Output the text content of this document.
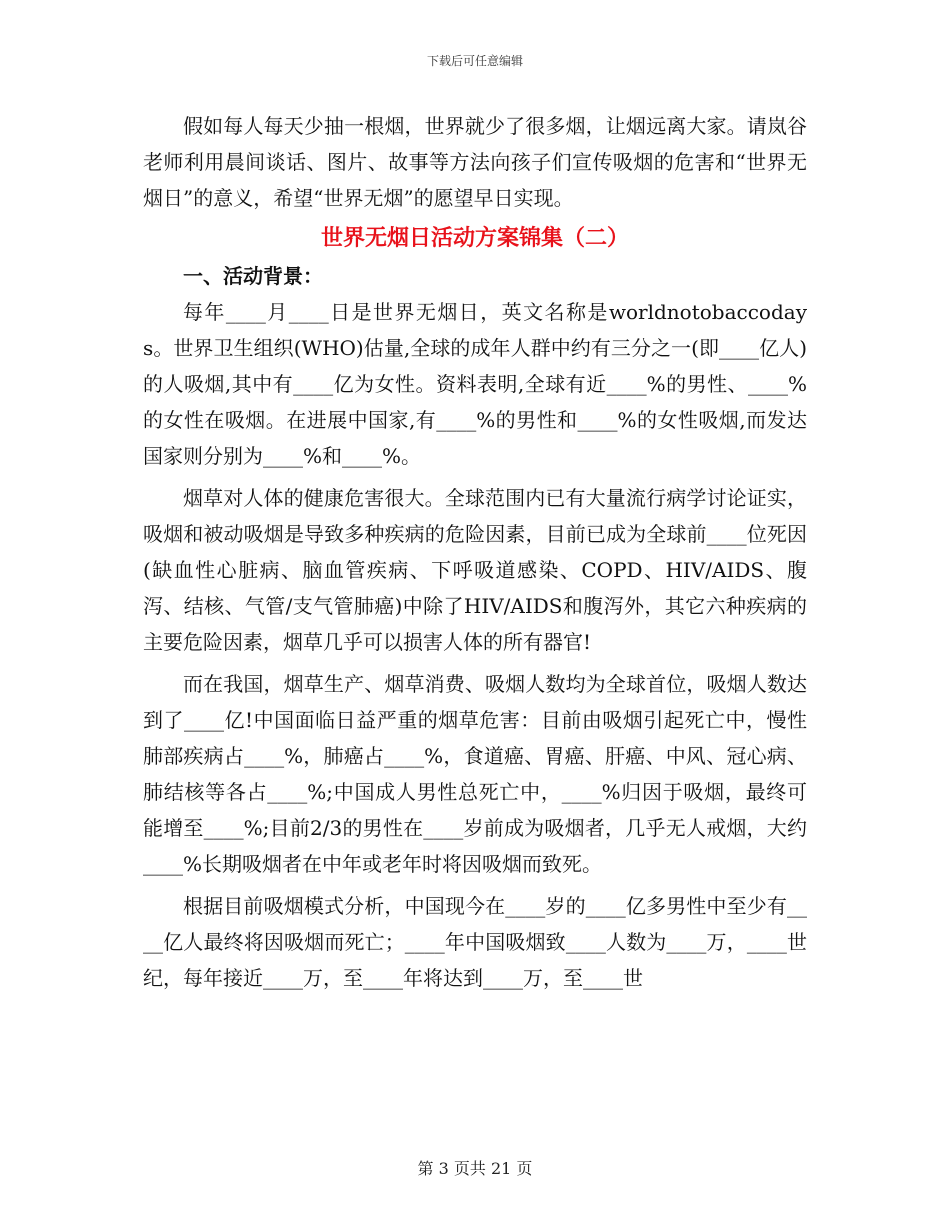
下载后可任意编辑

假如每人每天少抽一根烟，世界就少了很多烟，让烟远离大家。请岚谷老师利用晨间谈话、图片、故事等方法向孩子们宣传吸烟的危害和“世界无烟日”的意义，希望“世界无烟”的愿望早日实现。

世界无烟日活动方案锦集（二）

一、活动背景：

每年____月____日是世界无烟日，英文名称是worldnotobaccodays。世界卫生组织(WHO)估量,全球的成年人群中约有三分之一(即____亿人)的人吸烟,其中有____亿为女性。资料表明,全球有近____%的男性、____%的女性在吸烟。在进展中国家,有____%的男性和____%的女性吸烟,而发达国家则分别为____%和____%。

烟草对人体的健康危害很大。全球范围内已有大量流行病学讨论证实，吸烟和被动吸烟是导致多种疾病的危险因素，目前已成为全球前____位死因(缺血性心脏病、脑血管疾病、下呼吸道感染、COPD、HIV/AIDS、腹泻、结核、气管/支气管肺癌)中除了HIV/AIDS和腹泻外，其它六种疾病的主要危险因素，烟草几乎可以损害人体的所有器官!

而在我国，烟草生产、烟草消费、吸烟人数均为全球首位，吸烟人数达到了____亿!中国面临日益严重的烟草危害：目前由吸烟引起死亡中，慢性肺部疾病占____%，肺癌占____%，食道癌、胃癌、肝癌、中风、冠心病、肺结核等各占____%;中国成人男性总死亡中，____%归因于吸烟，最终可能增至____%;目前2/3的男性在____岁前成为吸烟者，几乎无人戒烟，大约____%长期吸烟者在中年或老年时将因吸烟而致死。

根据目前吸烟模式分析，中国现今在____岁的____亿多男性中至少有____亿人最终将因吸烟而死亡；____年中国吸烟致____人数为____万，____世纪，每年接近____万，至____年将达到____万，至____世

第 3 页共 21 页
